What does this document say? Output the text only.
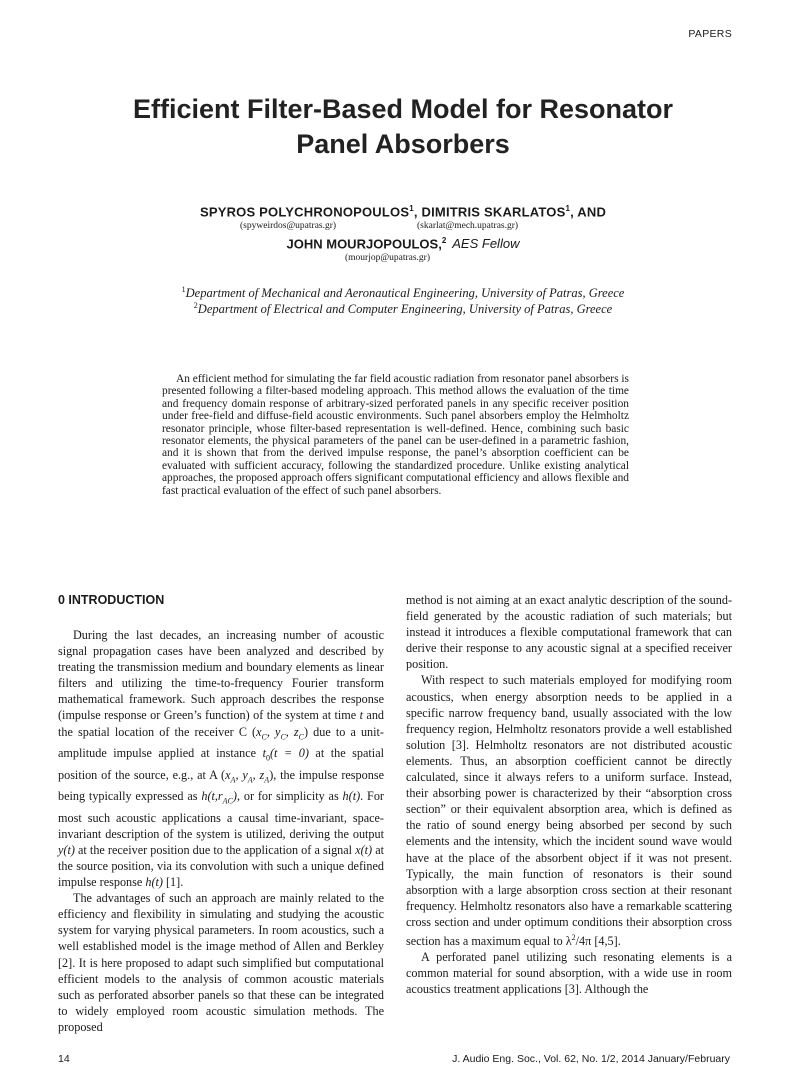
PAPERS
Efficient Filter-Based Model for Resonator
Panel Absorbers
SPYROS POLYCHRONOPOULOS$^1$, DIMITRIS SKARLATOS$^1$, AND
(spyweirdos@upatras.gr)	(skarlat@mech.upatras.gr)
JOHN MOURJOPOULOS,$^2$ AES Fellow
(mourjop@upatras.gr)
$^1$Department of Mechanical and Aeronautical Engineering, University of Patras, Greece
$^2$Department of Electrical and Computer Engineering, University of Patras, Greece

An efficient method for simulating the far field acoustic radiation from resonator panel absorbers is presented following a filter-based modeling approach. This method allows the evaluation of the time and frequency domain response of arbitrary-sized perforated panels in any specific receiver position under free-field and diffuse-field acoustic environments. Such panel absorbers employ the Helmholtz resonator principle, whose filter-based representation is well-defined. Hence, combining such basic resonator elements, the physical parameters of the panel can be user-defined in a parametric fashion, and it is shown that from the derived impulse response, the panel’s absorption coefficient can be evaluated with sufficient accuracy, following the standardized procedure. Unlike existing analytical approaches, the proposed approach offers significant computational efficiency and allows flexible and fast practical evaluation of the effect of such panel absorbers.

0 INTRODUCTION

During the last decades, an increasing number of acoustic signal propagation cases have been analyzed and described by treating the transmission medium and boundary elements as linear filters and utilizing the time-to-frequency Fourier transform mathematical framework. Such approach describes the response (impulse response or Green’s function) of the system at time t and the spatial location of the receiver C ($x_C$, $y_C$, $z_C$) due to a unit-amplitude impulse applied at instance $t_0(t = 0)$ at the spatial position of the source, e.g., at A ($x_A$, $y_A$, $z_A$), the impulse response being typically expressed as $h(t,r_{AC})$, or for simplicity as h(t). For most such acoustic applications a causal time-invariant, space-invariant description of the system is utilized, deriving the output y(t) at the receiver position due to the application of a signal x(t) at the source position, via its convolution with such a unique defined impulse response h(t) [1].

The advantages of such an approach are mainly related to the efficiency and flexibility in simulating and studying the acoustic system for varying physical parameters. In room acoustics, such a well established model is the image method of Allen and Berkley [2]. It is here proposed to adapt such simplified but computational efficient models to the analysis of common acoustic materials such as perforated absorber panels so that these can be integrated to widely employed room acoustic simulation methods. The proposed

method is not aiming at an exact analytic description of the sound-field generated by the acoustic radiation of such materials; but instead it introduces a flexible computational framework that can derive their response to any acoustic signal at a specified receiver position.

With respect to such materials employed for modifying room acoustics, when energy absorption needs to be applied in a specific narrow frequency band, usually associated with the low frequency region, Helmholtz resonators provide a well established solution [3]. Helmholtz resonators are not distributed acoustic elements. Thus, an absorption coefficient cannot be directly calculated, since it always refers to a uniform surface. Instead, their absorbing power is characterized by their “absorption cross section” or their equivalent absorption area, which is defined as the ratio of sound energy being absorbed per second by such elements and the intensity, which the incident sound wave would have at the place of the absorbent object if it was not present. Typically, the main function of resonators is their sound absorption with a large absorption cross section at their resonant frequency. Helmholtz resonators also have a remarkable scattering cross section and under optimum conditions their absorption cross section has a maximum equal to $\lambda^2/4\pi$ [4,5].

A perforated panel utilizing such resonating elements is a common material for sound absorption, with a wide use in room acoustics treatment applications [3]. Although the

14	J. Audio Eng. Soc., Vol. 62, No. 1/2, 2014 January/February
